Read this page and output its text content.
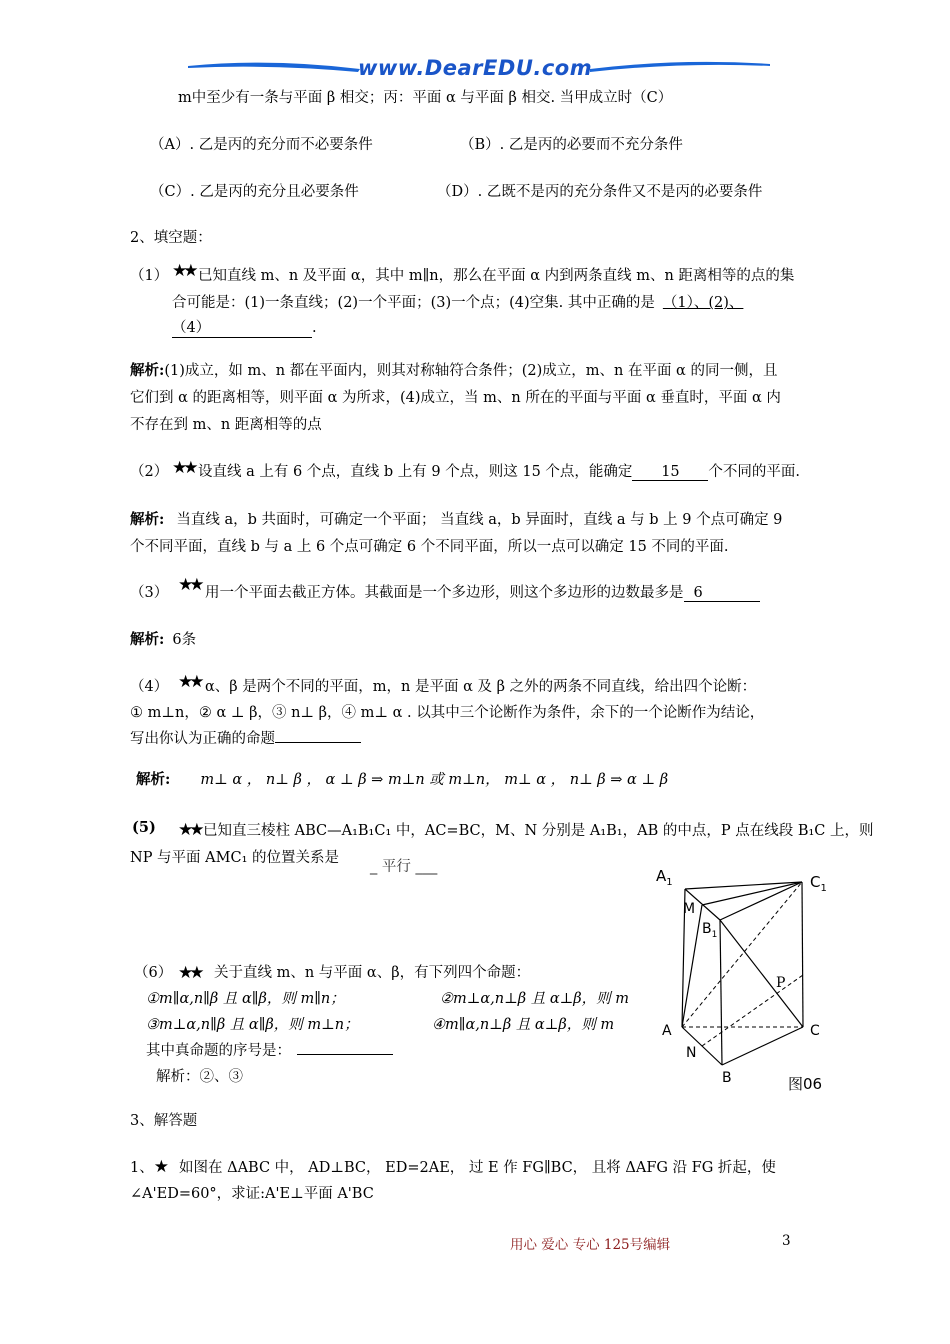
www.DearEDU.com
m中至少有一条与平面 β 相交；丙：平面 α 与平面 β 相交. 当甲成立时（C）
（A）. 乙是丙的充分而不必要条件	（B）. 乙是丙的必要而不充分条件
（C）. 乙是丙的充分且必要条件	（D）. 乙既不是丙的充分条件又不是丙的必要条件
2、填空题：
（1） ★★ 已知直线 m、n 及平面 α，其中 m∥n，那么在平面 α 内到两条直线 m、n 距离相等的点的集
合可能是：(1)一条直线；(2)一个平面；(3)一个点；(4)空集. 其中正确的是 （1）、(2)、
（4）	.
解析:(1)成立，如 m、n 都在平面内，则其对称轴符合条件；(2)成立，m、n 在平面 α 的同一侧，且
它们到 α 的距离相等，则平面 α 为所求，(4)成立，当 m、n 所在的平面与平面 α 垂直时，平面 α 内
不存在到 m、n 距离相等的点
（2） ★★ 设直线 a 上有 6 个点，直线 b 上有 9 个点，则这 15 个点，能确定 15 个不同的平面.
解析: 当直线 a，b 共面时，可确定一个平面； 当直线 a，b 异面时，直线 a 与 b 上 9 个点可确定 9
个不同平面，直线 b 与 a 上 6 个点可确定 6 个不同平面，所以一点可以确定 15 不同的平面.
（3） ★★ 用一个平面去截正方体。其截面是一个多边形，则这个多边形的边数最多是 6
解析: 6条
（4） ★★ α、β 是两个不同的平面，m，n 是平面 α 及 β 之外的两条不同直线，给出四个论断：
① m⊥n，② α ⊥ β，③ n⊥ β，④ m⊥ α . 以其中三个论断作为条件，余下的一个论断作为结论，
写出你认为正确的命题
解析: m⊥ α ， n⊥ β ， α ⊥ β ⇒ m⊥n 或 m⊥n， m⊥ α ， n⊥ β ⇒ α ⊥ β
(5) ★★ 已知直三棱柱 ABC—A₁B₁C₁ 中，AC=BC，M、N 分别是 A₁B₁，AB 的中点，P 点在线段 B₁C 上，则
NP 与平面 AMC₁ 的位置关系是
_ 平行 ___
（6） ★★ 关于直线 m、n 与平面 α、β，有下列四个命题：
①m∥α,n∥β 且 α∥β，则 m∥n；	②m⊥α,n⊥β 且 α⊥β，则 m
③m⊥α,n∥β 且 α∥β，则 m⊥n；	④m∥α,n⊥β 且 α⊥β，则 m
其中真命题的序号是：
解析：②、③
$A_1$	$C_1$
M
$B_1$
P
A	C
N
B	图06
3、解答题
1、★ 如图在 ΔABC 中， AD⊥BC， ED=2AE， 过 E 作 FG∥BC， 且将 ΔAFG 沿 FG 折起，使
∠A'ED=60°，求证:A'E⊥平面 A'BC
用心 爱心 专心 125号编辑	3
